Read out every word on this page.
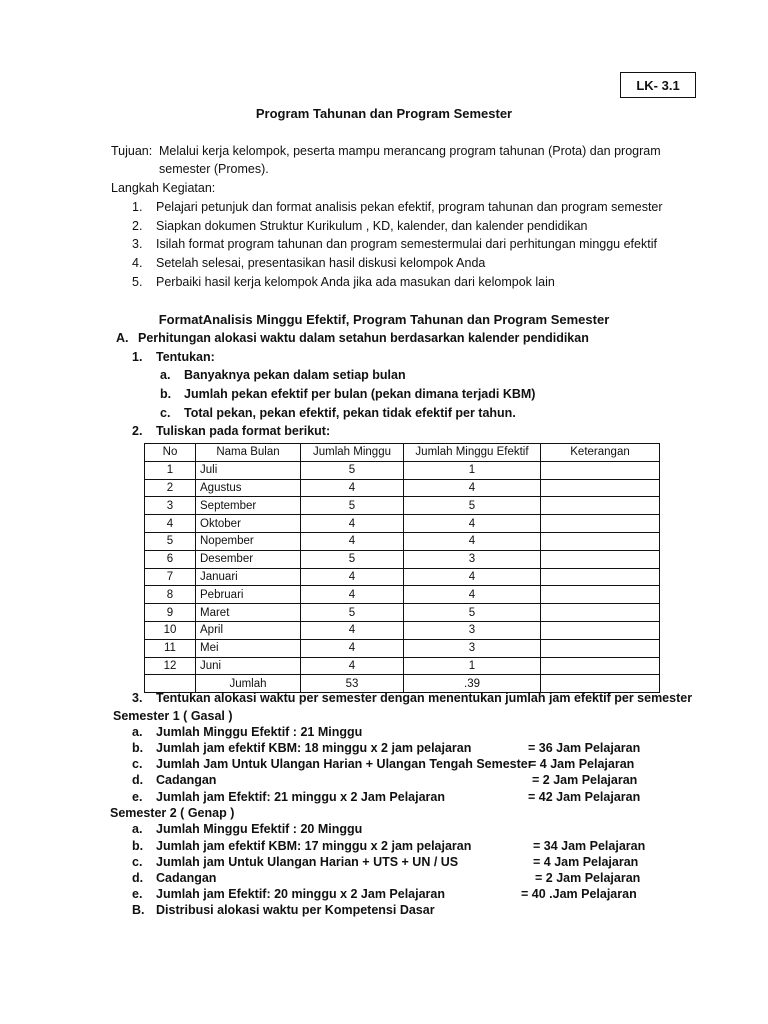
LK- 3.1
Program Tahunan dan Program Semester
Tujuan: Melalui kerja kelompok, peserta mampu merancang program tahunan (Prota) dan program
semester (Promes).
Langkah Kegiatan:
1. Pelajari petunjuk dan format analisis pekan efektif, program tahunan dan program semester
2. Siapkan dokumen Struktur Kurikulum , KD, kalender, dan kalender pendidikan
3. Isilah format program tahunan dan program semestermulai dari perhitungan minggu efektif
4. Setelah selesai, presentasikan hasil diskusi kelompok Anda
5. Perbaiki hasil kerja kelompok Anda jika ada masukan dari kelompok lain
FormatAnalisis Minggu Efektif, Program Tahunan dan Program Semester
A. Perhitungan alokasi waktu dalam setahun berdasarkan kalender pendidikan
1. Tentukan:
a. Banyaknya pekan dalam setiap bulan
b. Jumlah pekan efektif per bulan (pekan dimana terjadi KBM)
c. Total pekan, pekan efektif, pekan tidak efektif per tahun.
2. Tuliskan pada format berikut:
No	Nama Bulan	Jumlah Minggu	Jumlah Minggu Efektif	Keterangan
1	Juli	5	1	
2	Agustus	4	4	
3	September	5	5	
4	Oktober	4	4	
5	Nopember	4	4	
6	Desember	5	3	
7	Januari	4	4	
8	Pebruari	4	4	
9	Maret	5	5	
10	April	4	3	
11	Mei	4	3	
12	Juni	4	1	
	Jumlah	53	.39	
3. Tentukan alokasi waktu per semester dengan menentukan jumlah jam efektif per semester
Semester 1 ( Gasal )
a. Jumlah Minggu Efektif : 21 Minggu
b. Jumlah jam efektif KBM: 18 minggu x 2 jam pelajaran	= 36 Jam Pelajaran
c. Jumlah Jam Untuk Ulangan Harian + Ulangan Tengah Semester
= 4 Jam Pelajaran
d. Cadangan	= 2 Jam Pelajaran
e. Jumlah jam Efektif: 21 minggu x 2 Jam Pelajaran	= 42 Jam Pelajaran
Semester 2 ( Genap )
a. Jumlah Minggu Efektif : 20 Minggu
b. Jumlah jam efektif KBM: 17 minggu x 2 jam pelajaran	= 34 Jam Pelajaran
c. Jumlah jam Untuk Ulangan Harian + UTS + UN / US	= 4 Jam Pelajaran
d. Cadangan	= 2 Jam Pelajaran
e. Jumlah jam Efektif: 20 minggu x 2 Jam Pelajaran	= 40 .Jam Pelajaran
B. Distribusi alokasi waktu per Kompetensi Dasar
